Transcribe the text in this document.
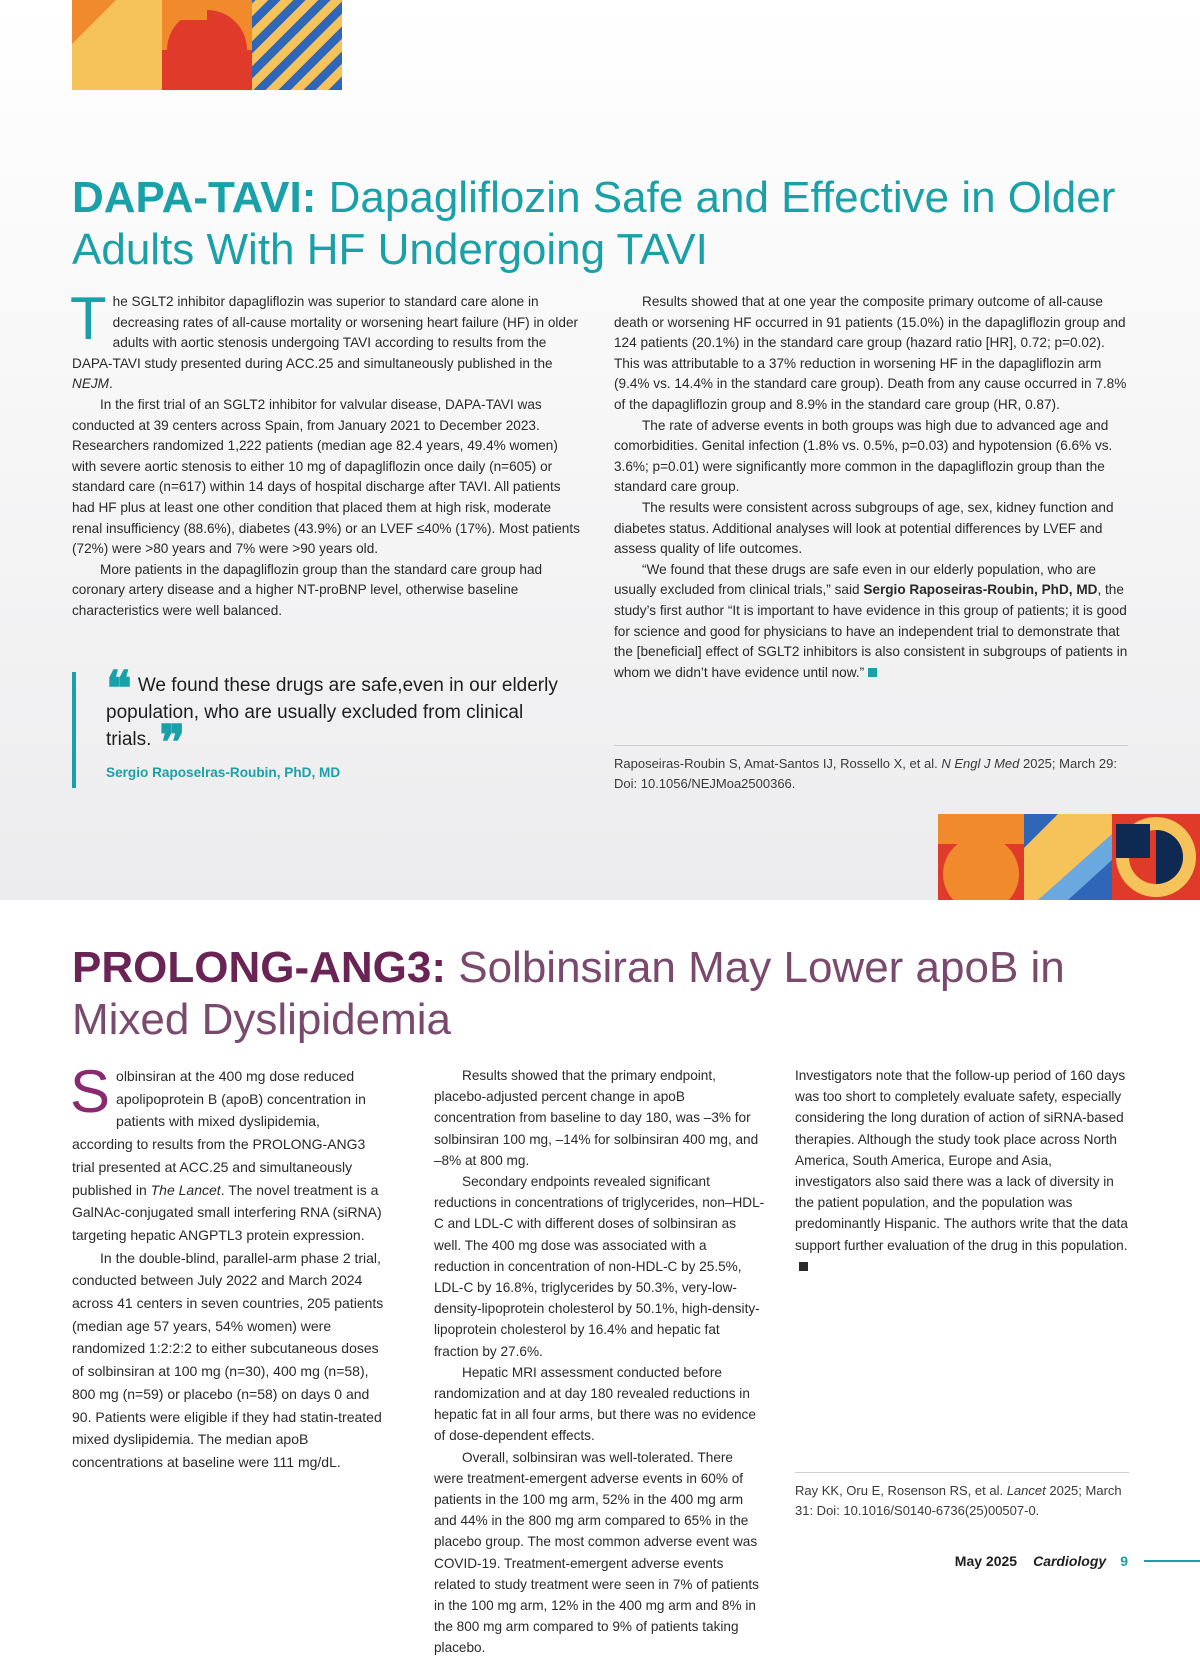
DAPA-TAVI: Dapagliflozin Safe and Effective in Older Adults With HF Undergoing TAVI

The SGLT2 inhibitor dapagliflozin was superior to standard care alone in decreasing rates of all-cause mortality or worsening heart failure (HF) in older adults with aortic stenosis undergoing TAVI according to results from the DAPA-TAVI study presented during ACC.25 and simultaneously published in the NEJM.

In the first trial of an SGLT2 inhibitor for valvular disease, DAPA-TAVI was conducted at 39 centers across Spain, from January 2021 to December 2023. Researchers randomized 1,222 patients (median age 82.4 years, 49.4% women) with severe aortic stenosis to either 10 mg of dapagliflozin once daily (n=605) or standard care (n=617) within 14 days of hospital discharge after TAVI. All patients had HF plus at least one other condition that placed them at high risk, moderate renal insufficiency (88.6%), diabetes (43.9%) or an LVEF ≤40% (17%). Most patients (72%) were >80 years and 7% were >90 years old.

More patients in the dapagliflozin group than the standard care group had coronary artery disease and a higher NT-proBNP level, otherwise baseline characteristics were well balanced.

❝ We found these drugs are safe,even in our elderly population, who are usually excluded from clinical trials. ❞
Sergio Raposelras-Roubin, PhD, MD

Results showed that at one year the composite primary outcome of all-cause death or worsening HF occurred in 91 patients (15.0%) in the dapagliflozin group and 124 patients (20.1%) in the standard care group (hazard ratio [HR], 0.72; p=0.02). This was attributable to a 37% reduction in worsening HF in the dapagliflozin arm (9.4% vs. 14.4% in the standard care group). Death from any cause occurred in 7.8% of the dapagliflozin group and 8.9% in the standard care group (HR, 0.87).

The rate of adverse events in both groups was high due to advanced age and comorbidities. Genital infection (1.8% vs. 0.5%, p=0.03) and hypotension (6.6% vs. 3.6%; p=0.01) were significantly more common in the dapagliflozin group than the standard care group.

The results were consistent across subgroups of age, sex, kidney function and diabetes status. Additional analyses will look at potential differences by LVEF and assess quality of life outcomes.

“We found that these drugs are safe even in our elderly population, who are usually excluded from clinical trials,” said Sergio Raposeiras-Roubin, PhD, MD, the study’s first author “It is important to have evidence in this group of patients; it is good for science and good for physicians to have an independent trial to demonstrate that the [beneficial] effect of SGLT2 inhibitors is also consistent in subgroups of patients in whom we didn’t have evidence until now.”

Raposeiras-Roubin S, Amat-Santos IJ, Rossello X, et al. N Engl J Med 2025; March 29: Doi: 10.1056/NEJMoa2500366.
PROLONG-ANG3: Solbinsiran May Lower apoB in Mixed Dyslipidemia

Solbinsiran at the 400 mg dose reduced apolipoprotein B (apoB) concentration in patients with mixed dyslipidemia, according to results from the PROLONG-ANG3 trial presented at ACC.25 and simultaneously published in The Lancet. The novel treatment is a GalNAc-conjugated small interfering RNA (siRNA) targeting hepatic ANGPTL3 protein expression.

In the double-blind, parallel-arm phase 2 trial, conducted between July 2022 and March 2024 across 41 centers in seven countries, 205 patients (median age 57 years, 54% women) were randomized 1:2:2:2 to either subcutaneous doses of solbinsiran at 100 mg (n=30), 400 mg (n=58), 800 mg (n=59) or placebo (n=58) on days 0 and 90. Patients were eligible if they had statin-treated mixed dyslipidemia. The median apoB concentrations at baseline were 111 mg/dL.

Results showed that the primary endpoint, placebo-adjusted percent change in apoB concentration from baseline to day 180, was –3% for solbinsiran 100 mg, –14% for solbinsiran 400 mg, and –8% at 800 mg.

Secondary endpoints revealed significant reductions in concentrations of triglycerides, non–HDL-C and LDL-C with different doses of solbinsiran as well. The 400 mg dose was associated with a reduction in concentration of non-HDL-C by 25.5%, LDL-C by 16.8%, triglycerides by 50.3%, very-low-density-lipoprotein cholesterol by 50.1%, high-density-lipoprotein cholesterol by 16.4% and hepatic fat fraction by 27.6%.

Hepatic MRI assessment conducted before randomization and at day 180 revealed reductions in hepatic fat in all four arms, but there was no evidence of dose-dependent effects.

Overall, solbinsiran was well-tolerated. There were treatment-emergent adverse events in 60% of patients in the 100 mg arm, 52% in the 400 mg arm and 44% in the 800 mg arm compared to 65% in the placebo group. The most common adverse event was COVID-19. Treatment-emergent adverse events related to study treatment were seen in 7% of patients in the 100 mg arm, 12% in the 400 mg arm and 8% in the 800 mg arm compared to 9% of patients taking placebo.

Investigators note that the follow-up period of 160 days was too short to completely evaluate safety, especially considering the long duration of action of siRNA-based therapies. Although the study took place across North America, South America, Europe and Asia, investigators also said there was a lack of diversity in the patient population, and the population was predominantly Hispanic. The authors write that the data support further evaluation of the drug in this population.

Ray KK, Oru E, Rosenson RS, et al. Lancet 2025; March 31: Doi: 10.1016/S0140-6736(25)00507-0.
May 2025 Cardiology 9
